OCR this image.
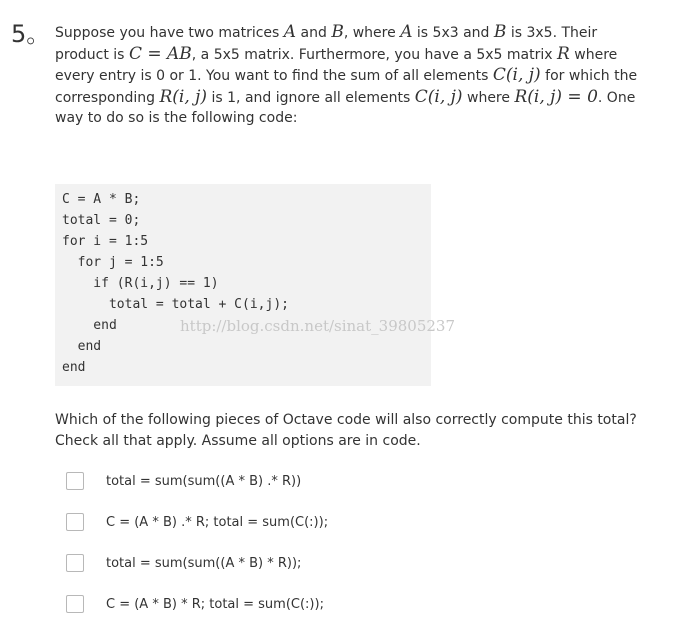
5。 Suppose you have two matrices A and B, where A is 5x3 and B is 3x5. Their product is C = AB, a 5x5 matrix. Furthermore, you have a 5x5 matrix R where every entry is 0 or 1. You want to find the sum of all elements C(i, j) for which the corresponding R(i, j) is 1, and ignore all elements C(i, j) where R(i, j) = 0. One way to do so is the following code:
C = A * B;
total = 0;
for i = 1:5
for j = 1:5
if (R(i,j) == 1)
total = total + C(i,j);
end
end
end
http://blog.csdn.net/sinat_39805237
Which of the following pieces of Octave code will also correctly compute this total? Check all that apply. Assume all options are in code.
total = sum(sum((A * B) .* R))
C = (A * B) .* R; total = sum(C(:));
total = sum(sum((A * B) * R));
C = (A * B) * R; total = sum(C(:));
